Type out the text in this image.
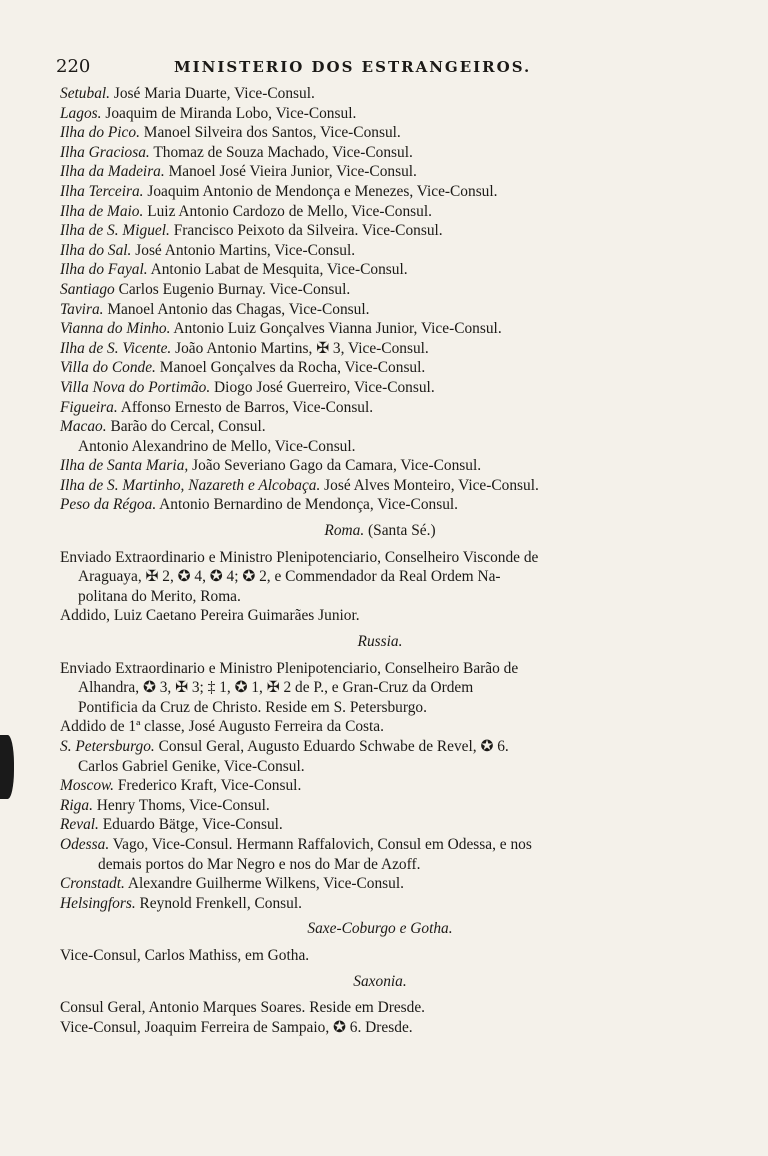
220	MINISTERIO DOS ESTRANGEIROS.
Setubal. José Maria Duarte, Vice-Consul.
Lagos. Joaquim de Miranda Lobo, Vice-Consul.
Ilha do Pico. Manoel Silveira dos Santos, Vice-Consul.
Ilha Graciosa. Thomaz de Souza Machado, Vice-Consul.
Ilha da Madeira. Manoel José Vieira Junior, Vice-Consul.
Ilha Terceira. Joaquim Antonio de Mendonça e Menezes, Vice-Consul.
Ilha de Maio. Luiz Antonio Cardozo de Mello, Vice-Consul.
Ilha de S. Miguel. Francisco Peixoto da Silveira. Vice-Consul.
Ilha do Sal. José Antonio Martins, Vice-Consul.
Ilha do Fayal. Antonio Labat de Mesquita, Vice-Consul.
Santiago Carlos Eugenio Burnay. Vice-Consul.
Tavira. Manoel Antonio das Chagas, Vice-Consul.
Vianna do Minho. Antonio Luiz Gonçalves Vianna Junior, Vice-Consul.
Ilha de S. Vicente. João Antonio Martins, ✠ 3, Vice-Consul.
Villa do Conde. Manoel Gonçalves da Rocha, Vice-Consul.
Villa Nova do Portimão. Diogo José Guerreiro, Vice-Consul.
Figueira. Affonso Ernesto de Barros, Vice-Consul.
Macao. Barão do Cercal, Consul.
Antonio Alexandrino de Mello, Vice-Consul.
Ilha de Santa Maria, João Severiano Gago da Camara, Vice-Consul.
Ilha de S. Martinho, Nazareth e Alcobaça. José Alves Monteiro, Vice-Consul.
Peso da Régoa. Antonio Bernardino de Mendonça, Vice-Consul.
Roma. (Santa Sé.)
Enviado Extraordinario e Ministro Plenipotenciario, Conselheiro Visconde de
Araguaya, ✠ 2, ✪ 4, ✪ 4; ✪ 2, e Commendador da Real Ordem Na-
politana do Merito, Roma.
Addido, Luiz Caetano Pereira Guimarães Junior.
Russia.
Enviado Extraordinario e Ministro Plenipotenciario, Conselheiro Barão de
Alhandra, ✪ 3, ✠ 3; ‡ 1, ✪ 1, ✠ 2 de P., e Gran-Cruz da Ordem
Pontificia da Cruz de Christo. Reside em S. Petersburgo.
Addido de 1ª classe, José Augusto Ferreira da Costa.
S. Petersburgo. Consul Geral, Augusto Eduardo Schwabe de Revel, ✪ 6.
Carlos Gabriel Genike, Vice-Consul.
Moscow. Frederico Kraft, Vice-Consul.
Riga. Henry Thoms, Vice-Consul.
Reval. Eduardo Bätge, Vice-Consul.
Odessa. Vago, Vice-Consul. Hermann Raffalovich, Consul em Odessa, e nos
demais portos do Mar Negro e nos do Mar de Azoff.
Cronstadt. Alexandre Guilherme Wilkens, Vice-Consul.
Helsingfors. Reynold Frenkell, Consul.
Saxe-Coburgo e Gotha.
Vice-Consul, Carlos Mathiss, em Gotha.
Saxonia.
Consul Geral, Antonio Marques Soares. Reside em Dresde.
Vice-Consul, Joaquim Ferreira de Sampaio, ✪ 6. Dresde.
